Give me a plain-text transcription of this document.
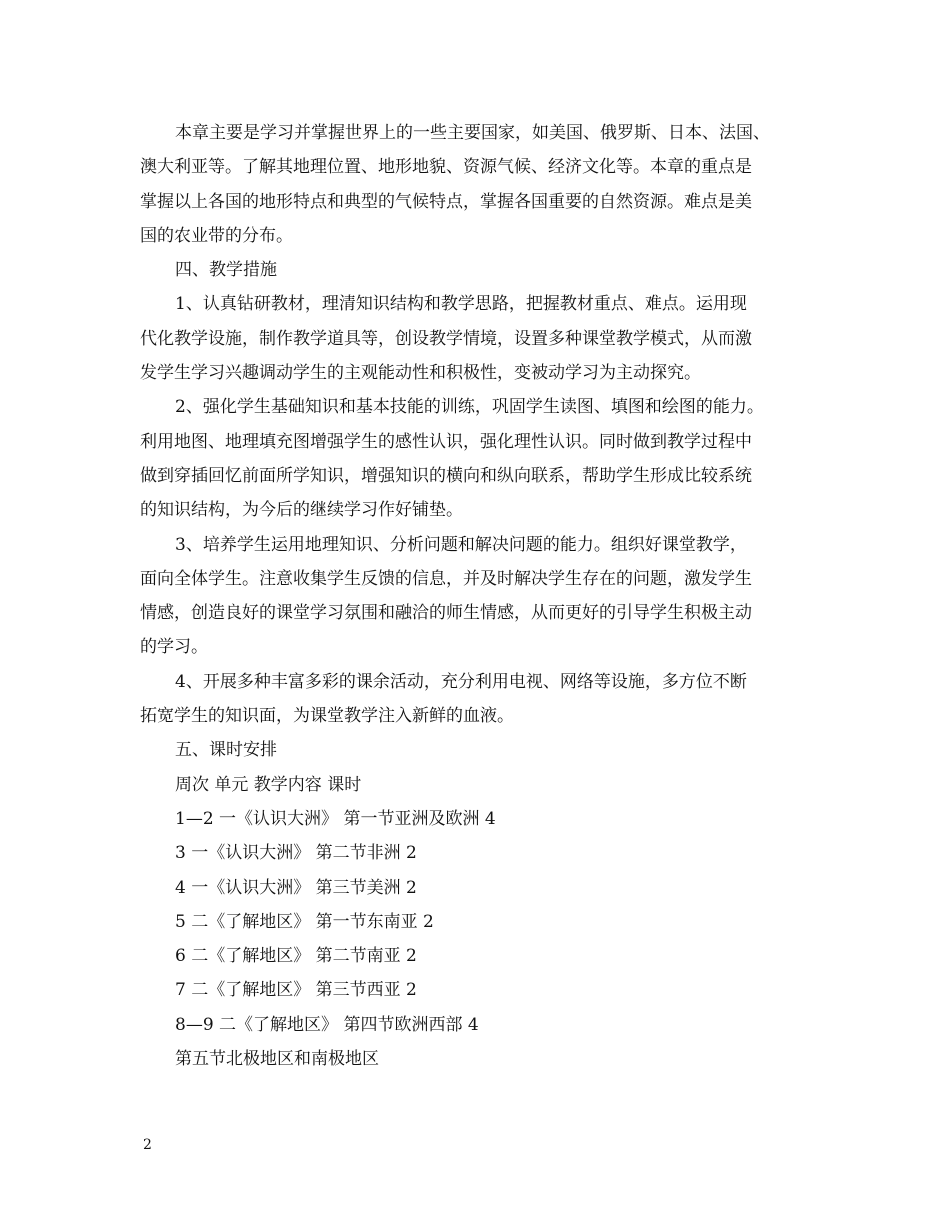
本章主要是学习并掌握世界上的一些主要国家，如美国、俄罗斯、日本、法国、
澳大利亚等。了解其地理位置、地形地貌、资源气候、经济文化等。本章的重点是
掌握以上各国的地形特点和典型的气候特点，掌握各国重要的自然资源。难点是美
国的农业带的分布。
四、教学措施
1、认真钻研教材，理清知识结构和教学思路，把握教材重点、难点。运用现
代化教学设施，制作教学道具等，创设教学情境，设置多种课堂教学模式，从而激
发学生学习兴趣调动学生的主观能动性和积极性，变被动学习为主动探究。
2、强化学生基础知识和基本技能的训练，巩固学生读图、填图和绘图的能力。
利用地图、地理填充图增强学生的感性认识，强化理性认识。同时做到教学过程中
做到穿插回忆前面所学知识，增强知识的横向和纵向联系，帮助学生形成比较系统
的知识结构，为今后的继续学习作好铺垫。
3、培养学生运用地理知识、分析问题和解决问题的能力。组织好课堂教学，
面向全体学生。注意收集学生反馈的信息，并及时解决学生存在的问题，激发学生
情感，创造良好的课堂学习氛围和融洽的师生情感，从而更好的引导学生积极主动
的学习。
4、开展多种丰富多彩的课余活动，充分利用电视、网络等设施，多方位不断
拓宽学生的知识面，为课堂教学注入新鲜的血液。
五、课时安排
周次 单元 教学内容 课时
1—2 一《认识大洲》 第一节亚洲及欧洲 4
3 一《认识大洲》 第二节非洲 2
4 一《认识大洲》 第三节美洲 2
5 二《了解地区》 第一节东南亚 2
6 二《了解地区》 第二节南亚 2
7 二《了解地区》 第三节西亚 2
8—9 二《了解地区》 第四节欧洲西部 4
第五节北极地区和南极地区
2
